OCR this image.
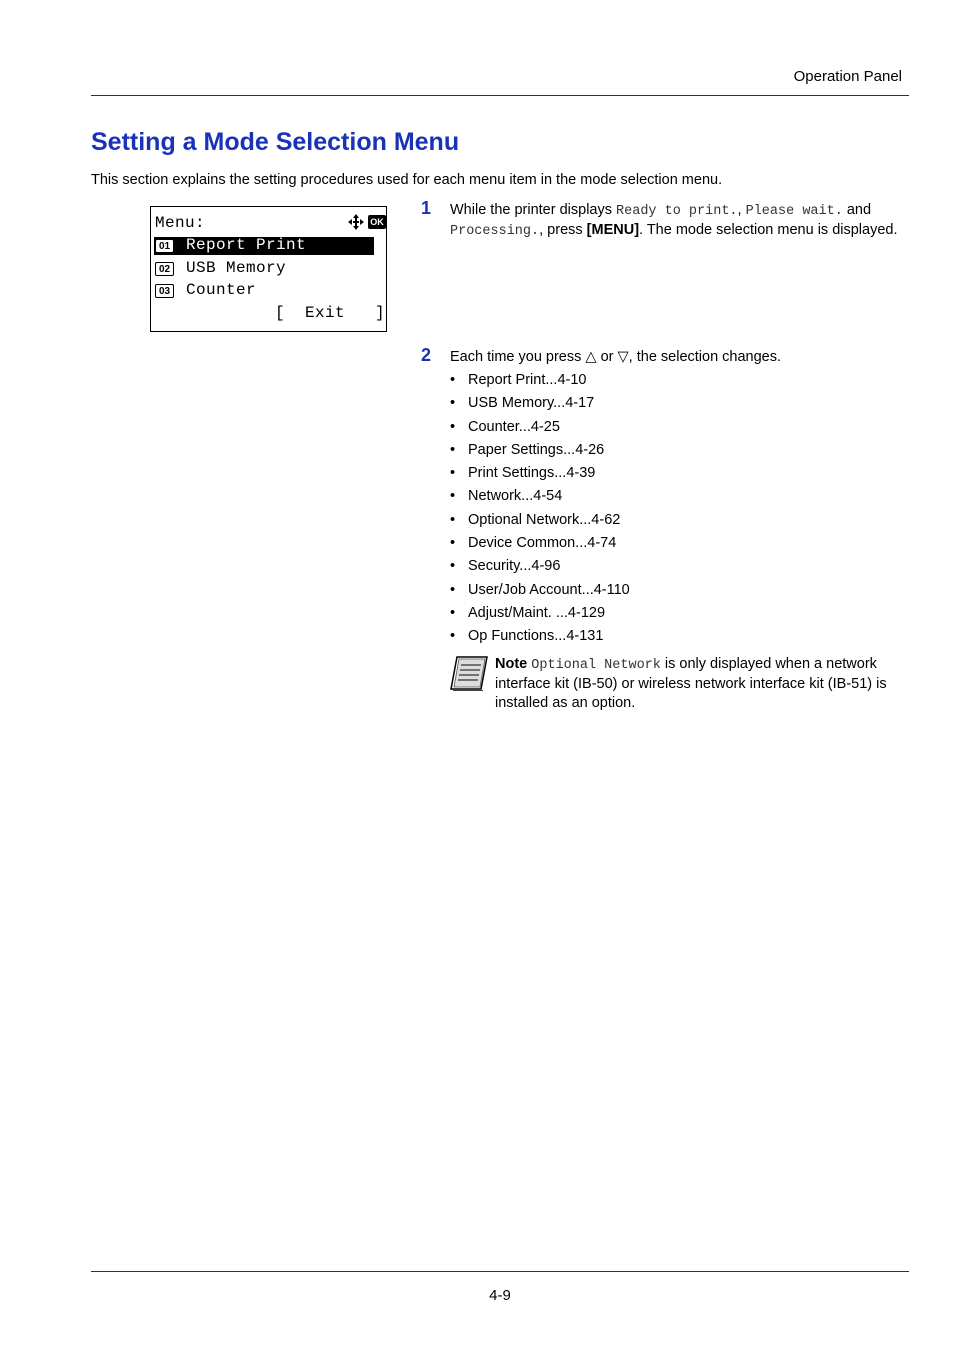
Operation Panel
Setting a Mode Selection Menu
This section explains the setting procedures used for each menu item in the mode selection menu.
Menu:	OK
01 Report Print
02 USB Memory
03 Counter
[  Exit   ]
1 While the printer displays Ready to print., Please wait. and
Processing., press [MENU]. The mode selection menu is displayed.
2 Each time you press △ or ▽, the selection changes.
• Report Print...4-10
• USB Memory...4-17
• Counter...4-25
• Paper Settings...4-26
• Print Settings...4-39
• Network...4-54
• Optional Network...4-62
• Device Common...4-74
• Security...4-96
• User/Job Account...4-110
• Adjust/Maint. ...4-129
• Op Functions...4-131
Note Optional Network is only displayed when a network interface kit (IB-50) or wireless network interface kit (IB-51) is installed as an option.
4-9
